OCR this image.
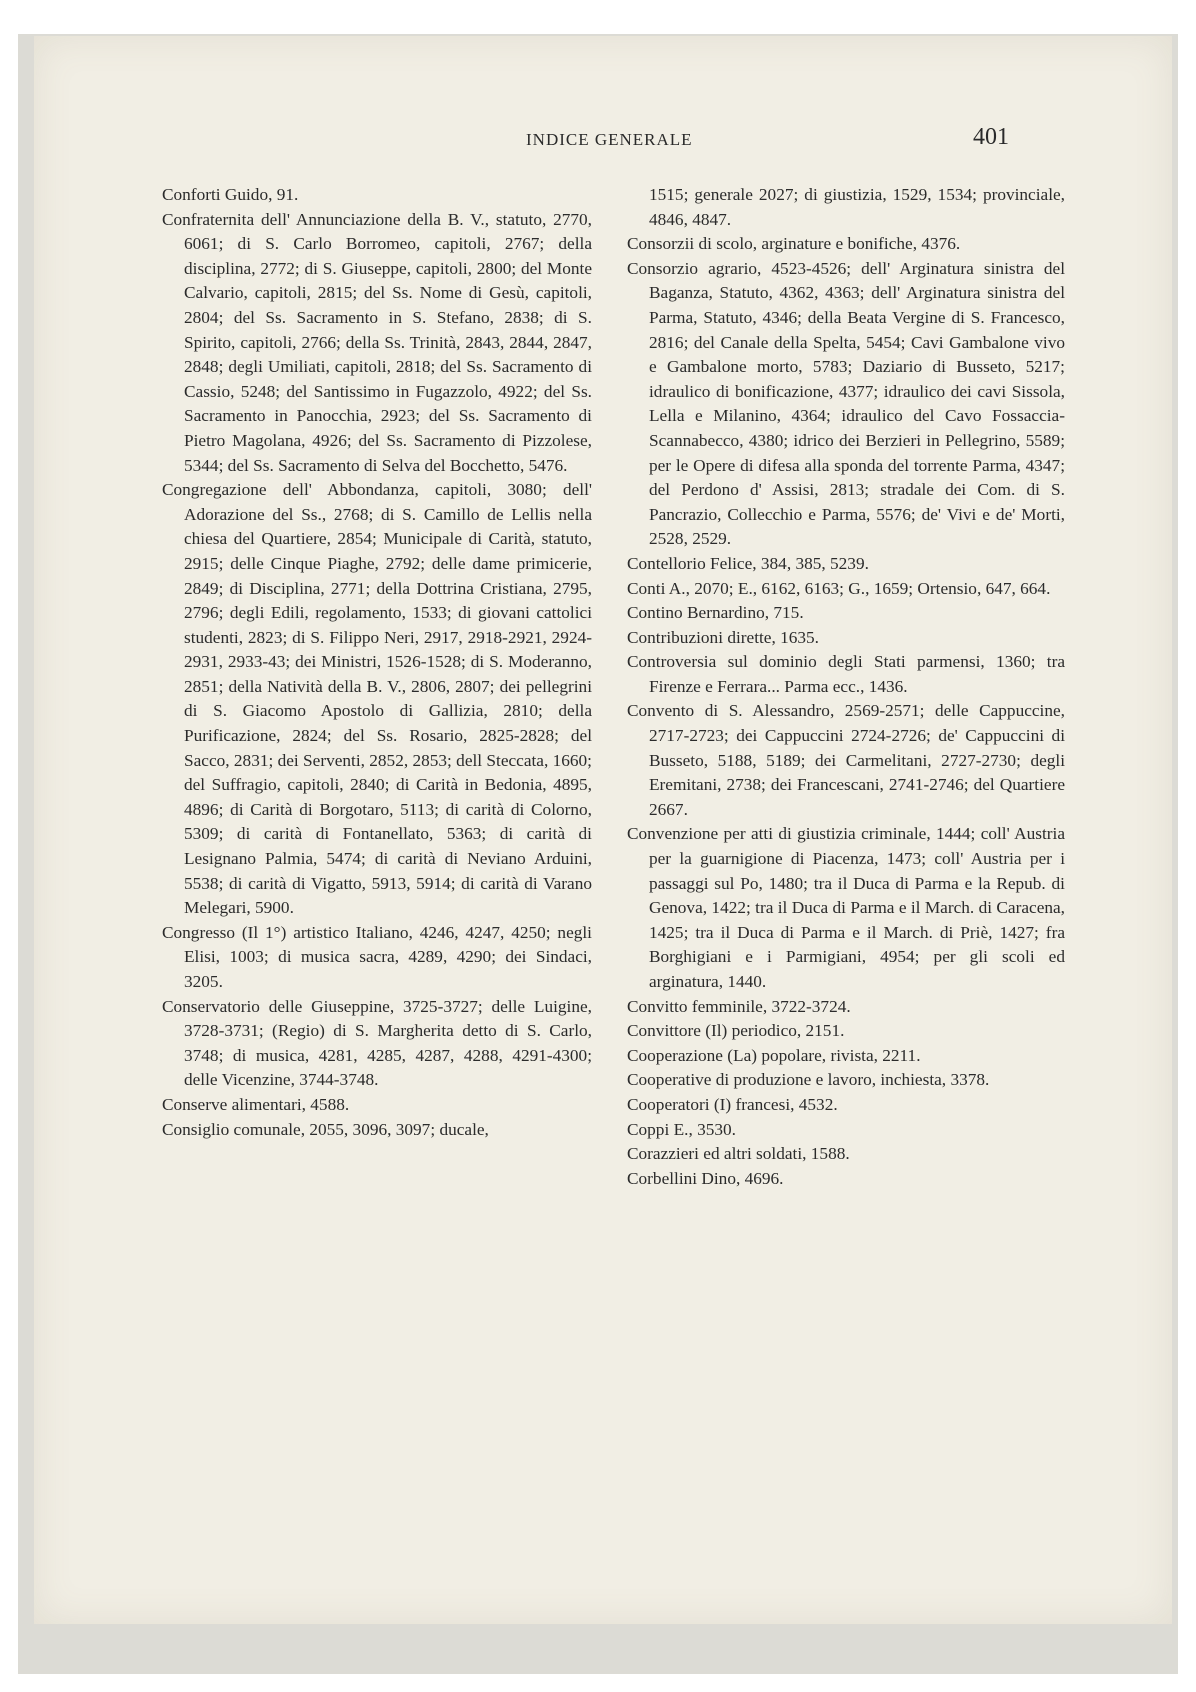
INDICE GENERALE	401

Conforti Guido, 91.

Confraternita dell' Annunciazione della B. V., statuto, 2770, 6061; di S. Carlo Borromeo, capitoli, 2767; della disciplina, 2772; di S. Giuseppe, capitoli, 2800; del Monte Calvario, capitoli, 2815; del Ss. Nome di Gesù, capitoli, 2804; del Ss. Sacramento in S. Stefano, 2838; di S. Spirito, capitoli, 2766; della Ss. Trinità, 2843, 2844, 2847, 2848; degli Umiliati, capitoli, 2818; del Ss. Sacramento di Cassio, 5248; del Santissimo in Fugazzolo, 4922; del Ss. Sacramento in Panocchia, 2923; del Ss. Sacramento di Pietro Magolana, 4926; del Ss. Sacramento di Pizzolese, 5344; del Ss. Sacramento di Selva del Bocchetto, 5476.

Congregazione dell' Abbondanza, capitoli, 3080; dell' Adorazione del Ss., 2768; di S. Camillo de Lellis nella chiesa del Quartiere, 2854; Municipale di Carità, statuto, 2915; delle Cinque Piaghe, 2792; delle dame primicerie, 2849; di Disciplina, 2771; della Dottrina Cristiana, 2795, 2796; degli Edili, regolamento, 1533; di giovani cattolici studenti, 2823; di S. Filippo Neri, 2917, 2918-2921, 2924-2931, 2933-43; dei Ministri, 1526-1528; di S. Moderanno, 2851; della Natività della B. V., 2806, 2807; dei pellegrini di S. Giacomo Apostolo di Gallizia, 2810; della Purificazione, 2824; del Ss. Rosario, 2825-2828; del Sacco, 2831; dei Serventi, 2852, 2853; dell Steccata, 1660; del Suffragio, capitoli, 2840; di Carità in Bedonia, 4895, 4896; di Carità di Borgotaro, 5113; di carità di Colorno, 5309; di carità di Fontanellato, 5363; di carità di Lesignano Palmia, 5474; di carità di Neviano Arduini, 5538; di carità di Vigatto, 5913, 5914; di carità di Varano Melegari, 5900.

Congresso (Il 1°) artistico Italiano, 4246, 4247, 4250; negli Elisi, 1003; di musica sacra, 4289, 4290; dei Sindaci, 3205.

Conservatorio delle Giuseppine, 3725-3727; delle Luigine, 3728-3731; (Regio) di S. Margherita detto di S. Carlo, 3748; di musica, 4281, 4285, 4287, 4288, 4291-4300; delle Vicenzine, 3744-3748.

Conserve alimentari, 4588.

Consiglio comunale, 2055, 3096, 3097; ducale,

1515; generale 2027; di giustizia, 1529, 1534; provinciale, 4846, 4847.

Consorzii di scolo, arginature e bonifiche, 4376.

Consorzio agrario, 4523-4526; dell' Arginatura sinistra del Baganza, Statuto, 4362, 4363; dell' Arginatura sinistra del Parma, Statuto, 4346; della Beata Vergine di S. Francesco, 2816; del Canale della Spelta, 5454; Cavi Gambalone vivo e Gambalone morto, 5783; Daziario di Busseto, 5217; idraulico di bonificazione, 4377; idraulico dei cavi Sissola, Lella e Milanino, 4364; idraulico del Cavo Fossaccia-Scannabecco, 4380; idrico dei Berzieri in Pellegrino, 5589; per le Opere di difesa alla sponda del torrente Parma, 4347; del Perdono d' Assisi, 2813; stradale dei Com. di S. Pancrazio, Collecchio e Parma, 5576; de' Vivi e de' Morti, 2528, 2529.

Contellorio Felice, 384, 385, 5239.

Conti A., 2070; E., 6162, 6163; G., 1659; Ortensio, 647, 664.

Contino Bernardino, 715.

Contribuzioni dirette, 1635.

Controversia sul dominio degli Stati parmensi, 1360; tra Firenze e Ferrara... Parma ecc., 1436.

Convento di S. Alessandro, 2569-2571; delle Cappuccine, 2717-2723; dei Cappuccini 2724-2726; de' Cappuccini di Busseto, 5188, 5189; dei Carmelitani, 2727-2730; degli Eremitani, 2738; dei Francescani, 2741-2746; del Quartiere 2667.

Convenzione per atti di giustizia criminale, 1444; coll' Austria per la guarnigione di Piacenza, 1473; coll' Austria per i passaggi sul Po, 1480; tra il Duca di Parma e la Repub. di Genova, 1422; tra il Duca di Parma e il March. di Caracena, 1425; tra il Duca di Parma e il March. di Priè, 1427; fra Borghigiani e i Parmigiani, 4954; per gli scoli ed arginatura, 1440.

Convitto femminile, 3722-3724.

Convittore (Il) periodico, 2151.

Cooperazione (La) popolare, rivista, 2211.

Cooperative di produzione e lavoro, inchiesta, 3378.

Cooperatori (I) francesi, 4532.

Coppi E., 3530.

Corazzieri ed altri soldati, 1588.

Corbellini Dino, 4696.
